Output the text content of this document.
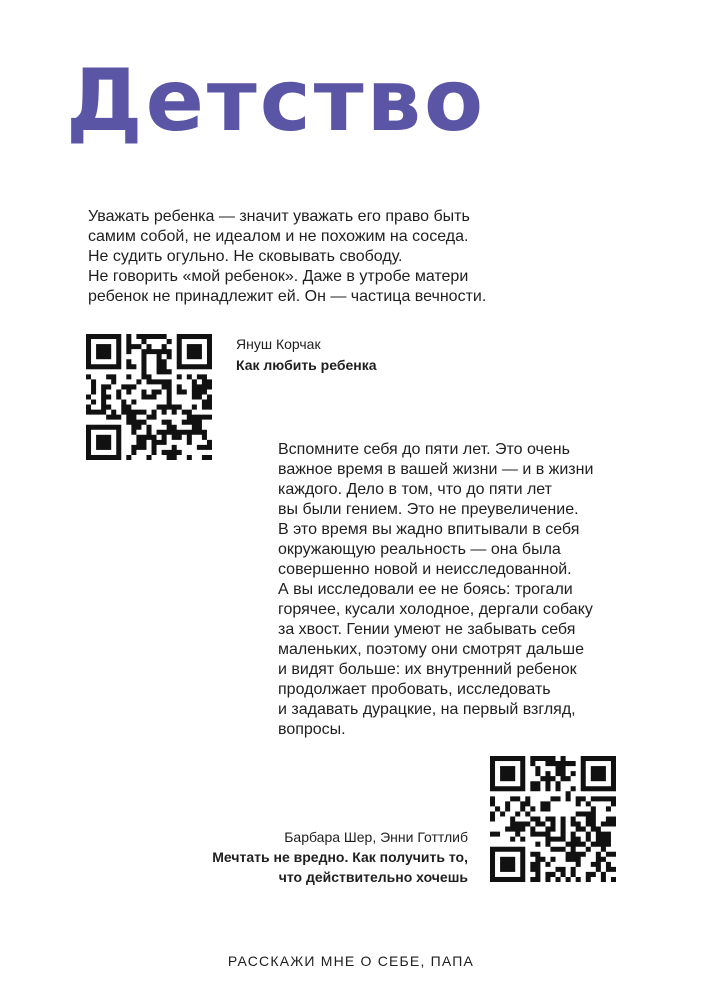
Детство

Уважать ребенка — значит уважать его право быть
самим собой, не идеалом и не похожим на соседа.
Не судить огульно. Не сковывать свободу.
Не говорить «мой ребенок». Даже в утробе матери
ребенок не принадлежит ей. Он — частица вечности.

Януш Корчак

Как любить ребенка

Вспомните себя до пяти лет. Это очень
важное время в вашей жизни — и в жизни
каждого. Дело в том, что до пяти лет
вы были гением. Это не преувеличение.
В это время вы жадно впитывали в себя
окружающую реальность — она была
совершенно новой и неисследованной.
А вы исследовали ее не боясь: трогали
горячее, кусали холодное, дергали собаку
за хвост. Гении умеют не забывать себя
маленьких, поэтому они смотрят дальше
и видят больше: их внутренний ребенок
продолжает пробовать, исследовать
и задавать дурацкие, на первый взгляд,
вопросы.

Барбара Шер, Энни Готтлиб

Мечтать не вредно. Как получить то,
что действительно хочешь

РАССКАЖИ МНЕ О СЕБЕ, ПАПА
